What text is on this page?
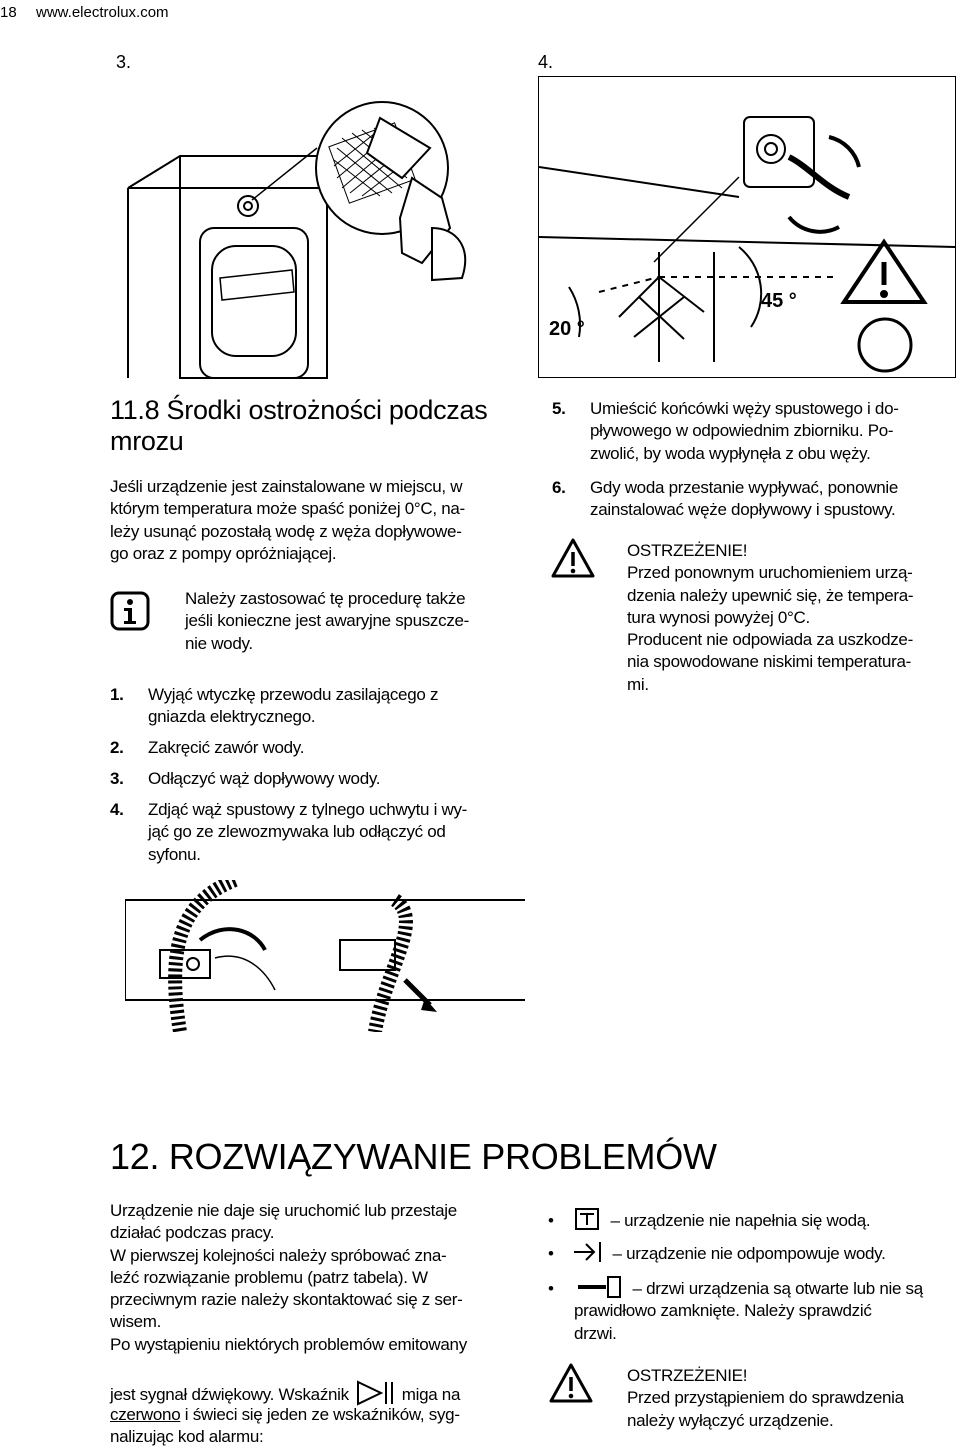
18 www.electrolux.com
3.	4.
20 °
45 °
11.8 Środki ostrożności podczas
mrozu
Jeśli urządzenie jest zainstalowane w miejscu, w
którym temperatura może spaść poniżej 0°C, na-
leży usunąć pozostałą wodę z węża dopływowe-
go oraz z pompy opróżniającej.
Należy zastosować tę procedurę także
jeśli konieczne jest awaryjne spuszcze-
nie wody.
1. Wyjąć wtyczkę przewodu zasilającego z
gniazda elektrycznego.
2. Zakręcić zawór wody.
3. Odłączyć wąż dopływowy wody.
4. Zdjąć wąż spustowy z tylnego uchwytu i wy-
jąć go ze zlewozmywaka lub odłączyć od
syfonu.
5. Umieścić końcówki węży spustowego i do-
pływowego w odpowiednim zbiorniku. Po-
zwolić, by woda wypłynęła z obu węży.
6. Gdy woda przestanie wypływać, ponownie
zainstalować węże dopływowy i spustowy.
OSTRZEŻENIE!
Przed ponownym uruchomieniem urzą-
dzenia należy upewnić się, że tempera-
tura wynosi powyżej 0°C.
Producent nie odpowiada za uszkodze-
nia spowodowane niskimi temperatura-
mi.
12. ROZWIĄZYWANIE PROBLEMÓW
Urządzenie nie daje się uruchomić lub przestaje
działać podczas pracy.
W pierwszej kolejności należy spróbować zna-
leźć rozwiązanie problemu (patrz tabela). W
przeciwnym razie należy skontaktować się z ser-
wisem.
Po wystąpieniu niektórych problemów emitowany
jest sygnał dźwiękowy. Wskaźnik	miga na
czerwono i świeci się jeden ze wskaźników, syg-
nalizując kod alarmu:
•	– urządzenie nie napełnia się wodą.
•	– urządzenie nie odpompowuje wody.
•	– drzwi urządzenia są otwarte lub nie są
prawidłowo zamknięte. Należy sprawdzić
drzwi.
OSTRZEŻENIE!
Przed przystąpieniem do sprawdzenia
należy wyłączyć urządzenie.
